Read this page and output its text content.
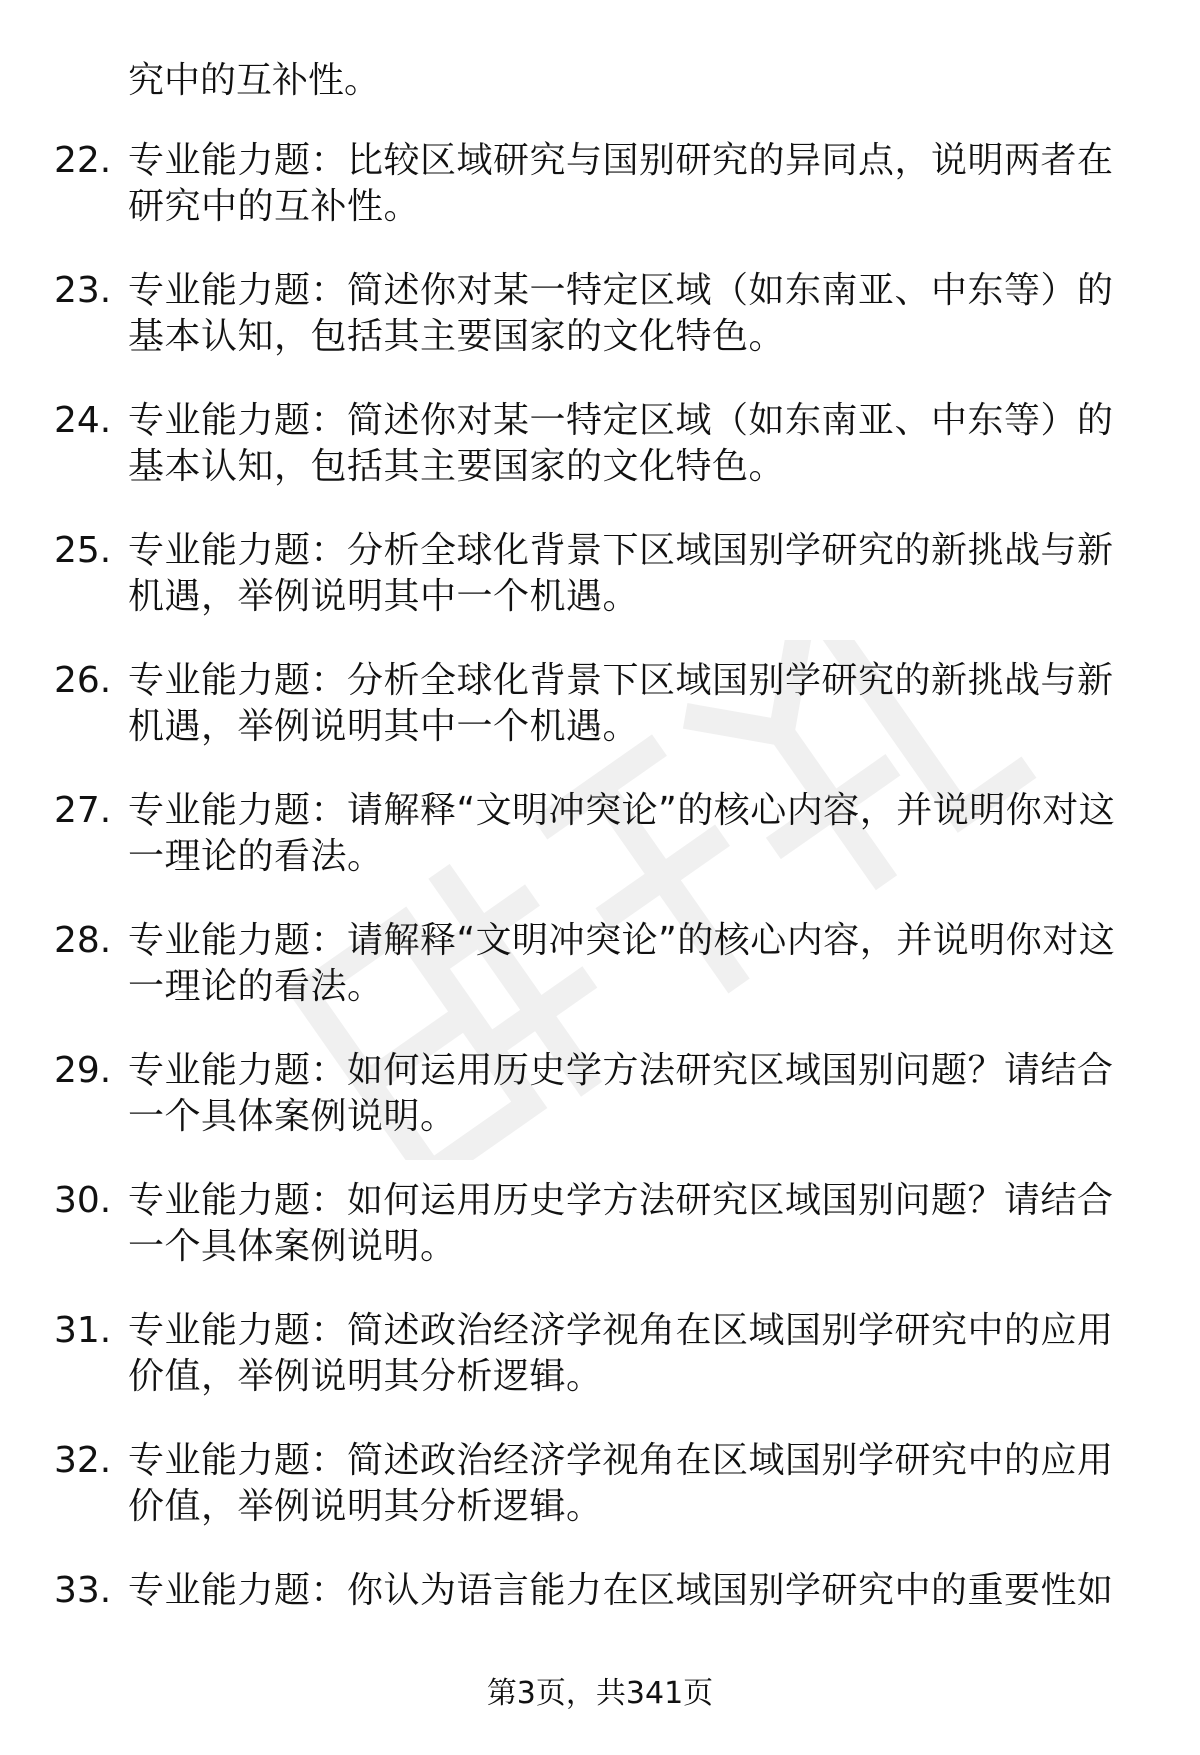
究中的互补性。
22. 专业能力题：比较区域研究与国别研究的异同点，说明两者在研究中的互补性。
23. 专业能力题：简述你对某一特定区域（如东南亚、中东等）的基本认知，包括其主要国家的文化特色。
24. 专业能力题：简述你对某一特定区域（如东南亚、中东等）的基本认知，包括其主要国家的文化特色。
25. 专业能力题：分析全球化背景下区域国别学研究的新挑战与新机遇，举例说明其中一个机遇。
26. 专业能力题：分析全球化背景下区域国别学研究的新挑战与新机遇，举例说明其中一个机遇。
27. 专业能力题：请解释“文明冲突论”的核心内容，并说明你对这一理论的看法。
28. 专业能力题：请解释“文明冲突论”的核心内容，并说明你对这一理论的看法。
29. 专业能力题：如何运用历史学方法研究区域国别问题？请结合一个具体案例说明。
30. 专业能力题：如何运用历史学方法研究区域国别问题？请结合一个具体案例说明。
31. 专业能力题：简述政治经济学视角在区域国别学研究中的应用价值，举例说明其分析逻辑。
32. 专业能力题：简述政治经济学视角在区域国别学研究中的应用价值，举例说明其分析逻辑。
33. 专业能力题：你认为语言能力在区域国别学研究中的重要性如
第3页，共341页
